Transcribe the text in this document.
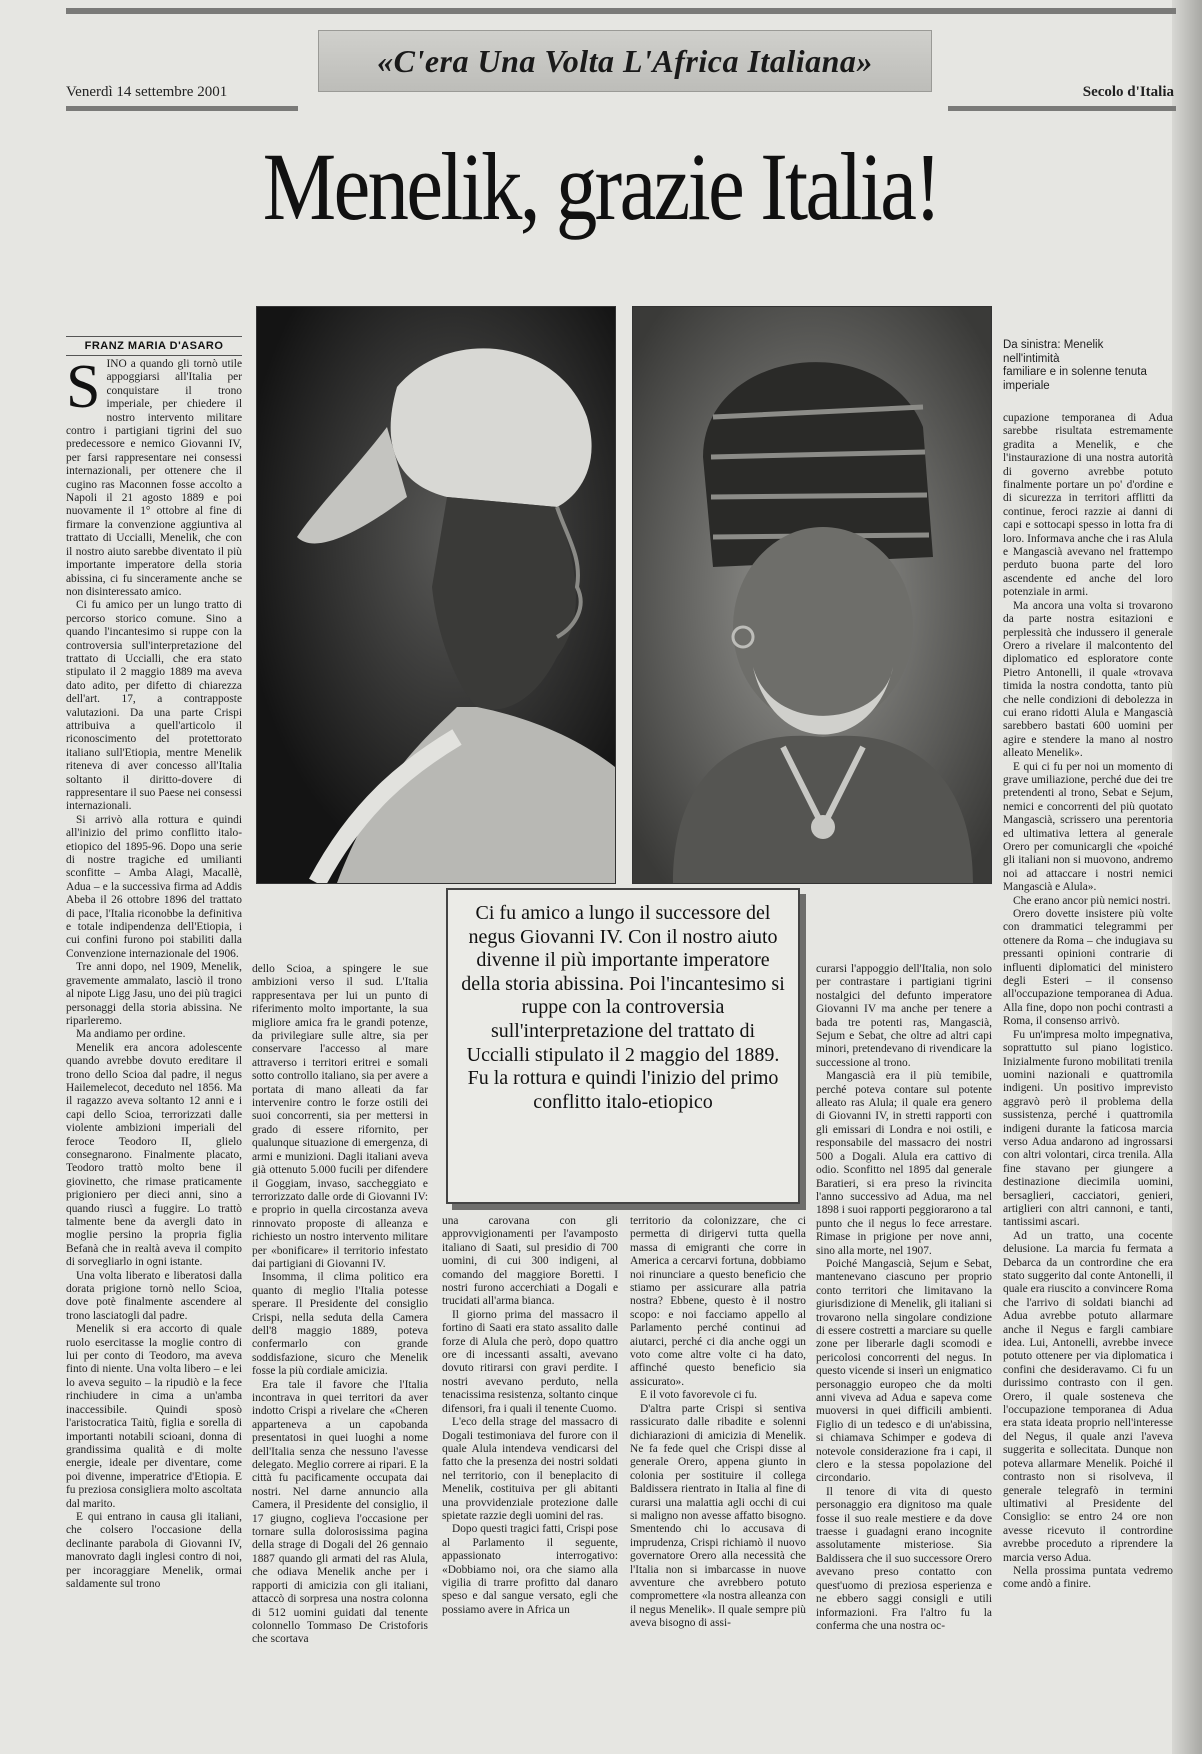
«C'era Una Volta L'Africa Italiana»
Venerdì 14 settembre 2001	Secolo d'Italia
Menelik, grazie Italia!
Da sinistra: Menelik
nell'intimità
familiare e in solenne tenuta
imperiale
FRANZ MARIA D'ASARO
S INO a quando gli tornò utile appoggiarsi all'Italia per conquistare il trono imperiale, per chiedere il nostro intervento militare contro i partigiani tigrini del suo predecessore e nemico Giovanni IV, per farsi rappresentare nei consessi internazionali, per ottenere che il cugino ras Maconnen fosse accolto a Napoli il 21 agosto 1889 e poi nuovamente il 1° ottobre al fine di firmare la convenzione aggiuntiva al trattato di Uccialli, Menelik, che con il nostro aiuto sarebbe diventato il più importante imperatore della storia abissina, ci fu sinceramente anche se non disinteressato amico.

Ci fu amico per un lungo tratto di percorso storico comune. Sino a quando l'incantesimo si ruppe con la controversia sull'interpretazione del trattato di Uccialli, che era stato stipulato il 2 maggio 1889 ma aveva dato adito, per difetto di chiarezza dell'art. 17, a contrapposte valutazioni. Da una parte Crispi attribuiva a quell'articolo il riconoscimento del protettorato italiano sull'Etiopia, mentre Menelik riteneva di aver concesso all'Italia soltanto il diritto-dovere di rappresentare il suo Paese nei consessi internazionali.

Si arrivò alla rottura e quindi all'inizio del primo conflitto italo-etiopico del 1895-96. Dopo una serie di nostre tragiche ed umilianti sconfitte – Amba Alagi, Macallè, Adua – e la successiva firma ad Addis Abeba il 26 ottobre 1896 del trattato di pace, l'Italia riconobbe la definitiva e totale indipendenza dell'Etiopia, i cui confini furono poi stabiliti dalla Convenzione internazionale del 1906.

Tre anni dopo, nel 1909, Menelik, gravemente ammalato, lasciò il trono al nipote Ligg Jasu, uno dei più tragici personaggi della storia abissina. Ne riparleremo.

Ma andiamo per ordine.

Menelik era ancora adolescente quando avrebbe dovuto ereditare il trono dello Scioa dal padre, il negus Hailemelecot, deceduto nel 1856. Ma il ragazzo aveva soltanto 12 anni e i capi dello Scioa, terrorizzati dalle violente ambizioni imperiali del feroce Teodoro II, glielo consegnarono. Finalmente placato, Teodoro trattò molto bene il giovinetto, che rimase praticamente prigioniero per dieci anni, sino a quando riuscì a fuggire. Lo trattò talmente bene da avergli dato in moglie persino la propria figlia Befanà che in realtà aveva il compito di sorvegliarlo in ogni istante.

Una volta liberato e liberatosi dalla dorata prigione tornò nello Scioa, dove potè finalmente ascendere al trono lasciatogli dal padre.

Menelik si era accorto di quale ruolo esercitasse la moglie contro di lui per conto di Teodoro, ma aveva finto di niente. Una volta libero – e lei lo aveva seguito – la ripudiò e la fece rinchiudere in cima a un'amba inaccessibile. Quindi sposò l'aristocratica Taitù, figlia e sorella di importanti notabili scioani, donna di grandissima qualità e di molte energie, ideale per diventare, come poi divenne, imperatrice d'Etiopia. E fu preziosa consigliera molto ascoltata dal marito.

E qui entrano in causa gli italiani, che colsero l'occasione della declinante parabola di Giovanni IV, manovrato dagli inglesi contro di noi, per incoraggiare Menelik, ormai saldamente sul trono

Ci fu amico a lungo il successore del negus Giovanni IV. Con il nostro aiuto divenne il più importante imperatore della storia abissina. Poi l'incantesimo si ruppe con la controversia sull'interpretazione del trattato di Uccialli stipulato il 2 maggio del 1889. Fu la rottura e quindi l'inizio del primo conflitto italo-etiopico

dello Scioa, a spingere le sue ambizioni verso il sud. L'Italia rappresentava per lui un punto di riferimento molto importante, la sua migliore amica fra le grandi potenze, da privilegiare sulle altre, sia per conservare l'accesso al mare attraverso i territori eritrei e somali sotto controllo italiano, sia per avere a portata di mano alleati da far intervenire contro le forze ostili dei suoi concorrenti, sia per mettersi in grado di essere rifornito, per qualunque situazione di emergenza, di armi e munizioni. Dagli italiani aveva già ottenuto 5.000 fucili per difendere il Goggiam, invaso, saccheggiato e terrorizzato dalle orde di Giovanni IV: e proprio in quella circostanza aveva rinnovato proposte di alleanza e richiesto un nostro intervento militare per «bonificare» il territorio infestato dai partigiani di Giovanni IV.

Insomma, il clima politico era quanto di meglio l'Italia potesse sperare. Il Presidente del consiglio Crispi, nella seduta della Camera dell'8 maggio 1889, poteva confermarlo con grande soddisfazione, sicuro che Menelik fosse la più cordiale amicizia.

Era tale il favore che l'Italia incontrava in quei territori da aver indotto Crispi a rivelare che «Cheren apparteneva a un capobanda presentatosi in quei luoghi a nome dell'Italia senza che nessuno l'avesse delegato. Meglio correre ai ripari. E la città fu pacificamente occupata dai nostri. Nel darne annuncio alla Camera, il Presidente del consiglio, il 17 giugno, coglieva l'occasione per tornare sulla dolorosissima pagina della strage di Dogali del 26 gennaio 1887 quando gli armati del ras Alula, che odiava Menelik anche per i rapporti di amicizia con gli italiani, attaccò di sorpresa una nostra colonna di 512 uomini guidati dal tenente colonnello Tommaso De Cristoforis che scortava

una carovana con gli approvvigionamenti per l'avamposto italiano di Saati, sul presidio di 700 uomini, di cui 300 indigeni, al comando del maggiore Boretti. I nostri furono accerchiati a Dogali e trucidati all'arma bianca.

Il giorno prima del massacro il fortino di Saati era stato assalito dalle forze di Alula che però, dopo quattro ore di incessanti assalti, avevano dovuto ritirarsi con gravi perdite. I nostri avevano perduto, nella tenacissima resistenza, soltanto cinque difensori, fra i quali il tenente Cuomo.

L'eco della strage del massacro di Dogali testimoniava del furore con il quale Alula intendeva vendicarsi del fatto che la presenza dei nostri soldati nel territorio, con il beneplacito di Menelik, costituiva per gli abitanti una provvidenziale protezione dalle spietate razzie degli uomini del ras.

Dopo questi tragici fatti, Crispi pose al Parlamento il seguente, appassionato interrogativo: «Dobbiamo noi, ora che siamo alla vigilia di trarre profitto dal danaro speso e dal sangue versato, egli che possiamo avere in Africa un

territorio da colonizzare, che ci permetta di dirigervi tutta quella massa di emigranti che corre in America a cercarvi fortuna, dobbiamo noi rinunciare a questo beneficio che stiamo per assicurare alla patria nostra? Ebbene, questo è il nostro scopo: e noi facciamo appello al Parlamento perché continui ad aiutarci, perché ci dia anche oggi un voto come altre volte ci ha dato, affinché questo beneficio sia assicurato».

E il voto favorevole ci fu.

D'altra parte Crispi si sentiva rassicurato dalle ribadite e solenni dichiarazioni di amicizia di Menelik. Ne fa fede quel che Crispi disse al generale Orero, appena giunto in colonia per sostituire il collega Baldissera rientrato in Italia al fine di curarsi una malattia agli occhi di cui si maligno non avesse affatto bisogno. Smentendo chi lo accusava di imprudenza, Crispi richiamò il nuovo governatore Orero alla necessità che l'Italia non si imbarcasse in nuove avventure che avrebbero potuto compromettere «la nostra alleanza con il negus Menelik». Il quale sempre più aveva bisogno di assi-

curarsi l'appoggio dell'Italia, non solo per contrastare i partigiani tigrini nostalgici del defunto imperatore Giovanni IV ma anche per tenere a bada tre potenti ras, Mangascià, Sejum e Sebat, che oltre ad altri capi minori, pretendevano di rivendicare la successione al trono.

Mangascià era il più temibile, perché poteva contare sul potente alleato ras Alula; il quale era genero di Giovanni IV, in stretti rapporti con gli emissari di Londra e noi ostili, e responsabile del massacro dei nostri 500 a Dogali. Alula era cattivo di odio. Sconfitto nel 1895 dal generale Baratieri, si era preso la rivincita l'anno successivo ad Adua, ma nel 1898 i suoi rapporti peggiorarono a tal punto che il negus lo fece arrestare. Rimase in prigione per nove anni, sino alla morte, nel 1907.

Poiché Mangascià, Sejum e Sebat, mantenevano ciascuno per proprio conto territori che limitavano la giurisdizione di Menelik, gli italiani si trovarono nella singolare condizione di essere costretti a marciare su quelle zone per liberarle dagli scomodi e pericolosi concorrenti del negus. In questo vicende si inserì un enigmatico personaggio europeo che da molti anni viveva ad Adua e sapeva come muoversi in quei difficili ambienti. Figlio di un tedesco e di un'abissina, si chiamava Schimper e godeva di notevole considerazione fra i capi, il clero e la stessa popolazione del circondario.

Il tenore di vita di questo personaggio era dignitoso ma quale fosse il suo reale mestiere e da dove traesse i guadagni erano incognite assolutamente misteriose. Sia Baldissera che il suo successore Orero avevano preso contatto con quest'uomo di preziosa esperienza e ne ebbero saggi consigli e utili informazioni. Fra l'altro fu la conferma che una nostra oc-

cupazione temporanea di Adua sarebbe risultata estremamente gradita a Menelik, e che l'instaurazione di una nostra autorità di governo avrebbe potuto finalmente portare un po' d'ordine e di sicurezza in territori afflitti da continue, feroci razzie ai danni di capi e sottocapi spesso in lotta fra di loro. Informava anche che i ras Alula e Mangascià avevano nel frattempo perduto buona parte del loro ascendente ed anche del loro potenziale in armi.

Ma ancora una volta si trovarono da parte nostra esitazioni e perplessità che indussero il generale Orero a rivelare il malcontento del diplomatico ed esploratore conte Pietro Antonelli, il quale «trovava timida la nostra condotta, tanto più che nelle condizioni di debolezza in cui erano ridotti Alula e Mangascià sarebbero bastati 600 uomini per agire e stendere la mano al nostro alleato Menelik».

E qui ci fu per noi un momento di grave umiliazione, perché due dei tre pretendenti al trono, Sebat e Sejum, nemici e concorrenti del più quotato Mangascià, scrissero una perentoria ed ultimativa lettera al generale Orero per comunicargli che «poiché gli italiani non si muovono, andremo noi ad attaccare i nostri nemici Mangascià e Alula».

Che erano ancor più nemici nostri.

Orero dovette insistere più volte con drammatici telegrammi per ottenere da Roma – che indugiava su pressanti opinioni contrarie di influenti diplomatici del ministero degli Esteri – il consenso all'occupazione temporanea di Adua. Alla fine, dopo non pochi contrasti a Roma, il consenso arrivò.

Fu un'impresa molto impegnativa, soprattutto sul piano logistico. Inizialmente furono mobilitati trenila uomini nazionali e quattromila indigeni. Un positivo imprevisto aggravò però il problema della sussistenza, perché i quattromila indigeni durante la faticosa marcia verso Adua andarono ad ingrossarsi con altri volontari, circa trenila. Alla fine stavano per giungere a destinazione diecimila uomini, bersaglieri, cacciatori, genieri, artiglieri con altri cannoni, e tanti, tantissimi ascari.

Ad un tratto, una cocente delusione. La marcia fu fermata a Debarca da un contrordine che era stato suggerito dal conte Antonelli, il quale era riuscito a convincere Roma che l'arrivo di soldati bianchi ad Adua avrebbe potuto allarmare anche il Negus e fargli cambiare idea. Lui, Antonelli, avrebbe invece potuto ottenere per via diplomatica i confini che desideravamo. Ci fu un durissimo contrasto con il gen. Orero, il quale sosteneva che l'occupazione temporanea di Adua era stata ideata proprio nell'interesse del Negus, il quale anzi l'aveva suggerita e sollecitata. Dunque non poteva allarmare Menelik. Poiché il contrasto non si risolveva, il generale telegrafò in termini ultimativi al Presidente del Consiglio: se entro 24 ore non avesse ricevuto il contrordine avrebbe proceduto a riprendere la marcia verso Adua.

Nella prossima puntata vedremo come andò a finire.
